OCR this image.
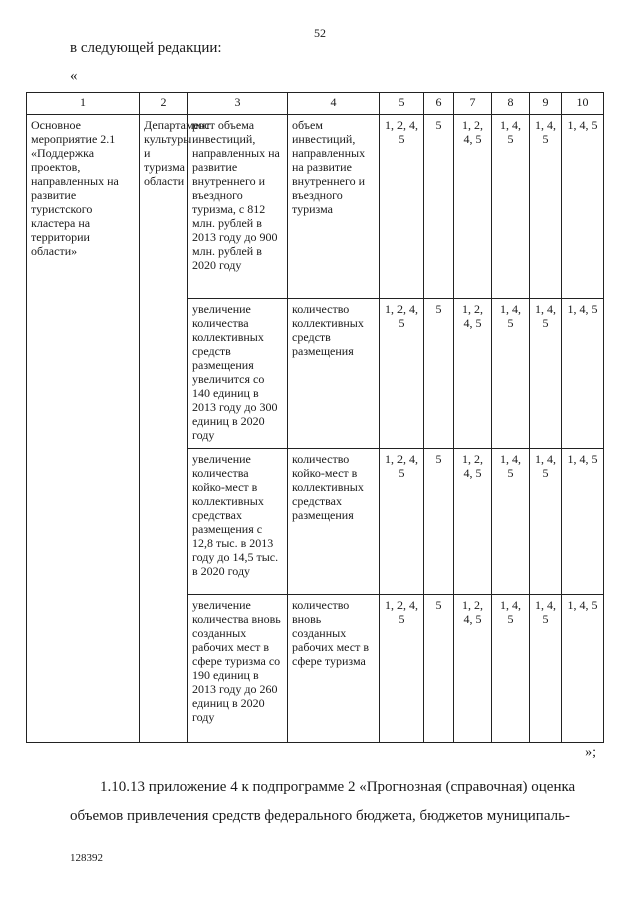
52
в следующей редакции:
«
1	2	3	4	5	6	7	8	9	10
Основное мероприятие 2.1 «Поддержка проектов, направленных на развитие туристского кластера на территории области»	Департамент культуры и туризма области	рост объема инвестиций, направленных на развитие внутреннего и въездного туризма, с 812 млн. рублей в 2013 году до 900 млн. рублей в 2020 году	объем инвестиций, направленных на развитие внутреннего и въездного туризма	1, 2, 4, 5	5	1, 2, 4, 5	1, 4, 5	1, 4, 5	1, 4, 5
		увеличение количества коллективных средств размещения увеличится со 140 единиц в 2013 году до 300 единиц в 2020 году	количество коллективных средств размещения	1, 2, 4, 5	5	1, 2, 4, 5	1, 4, 5	1, 4, 5	1, 4, 5
		увеличение количества койко-мест в коллективных средствах размещения с 12,8 тыс. в 2013 году до 14,5 тыс. в 2020 году	количество койко-мест в коллективных средствах размещения	1, 2, 4, 5	5	1, 2, 4, 5	1, 4, 5	1, 4, 5	1, 4, 5
		увеличение количества вновь созданных рабочих мест в сфере туризма со 190 единиц в 2013 году до 260 единиц в 2020 году	количество вновь созданных рабочих мест в сфере туризма	1, 2, 4, 5	5	1, 2, 4, 5	1, 4, 5	1, 4, 5	1, 4, 5
»;
1.10.13 приложение 4 к подпрограмме 2 «Прогнозная (справочная) оценка
объемов привлечения средств федерального бюджета, бюджетов муниципаль-
128392
